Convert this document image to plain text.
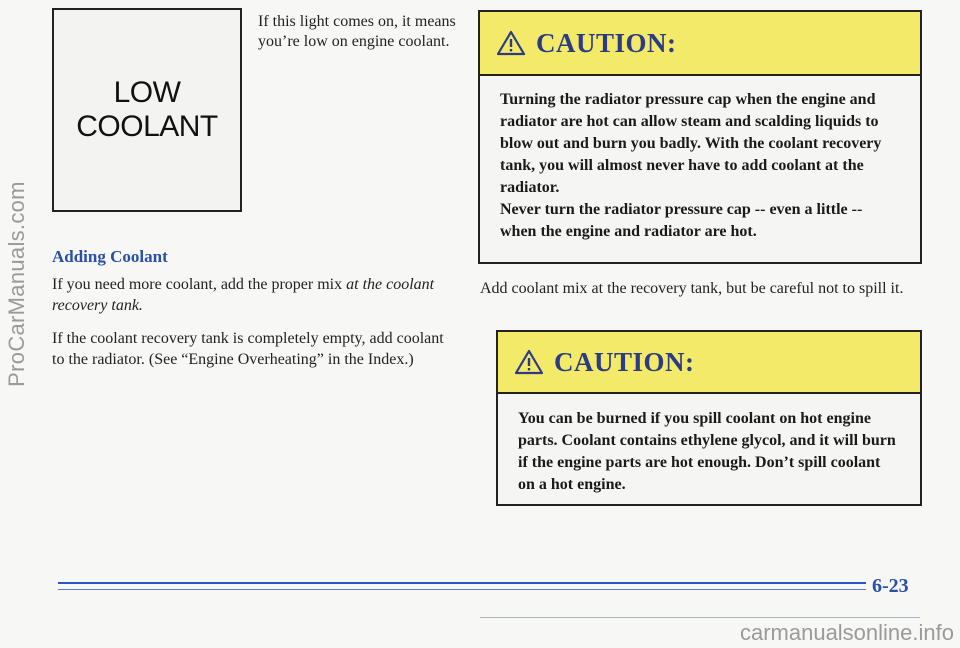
ProCarManuals.com
LOW
COOLANT
If this light comes on, it means you’re low on engine coolant.
Adding Coolant
If you need more coolant, add the proper mix at the coolant recovery tank.
If the coolant recovery tank is completely empty, add coolant to the radiator. (See “Engine Overheating” in the Index.)
CAUTION:

Turning the radiator pressure cap when the engine and radiator are hot can allow steam and scalding liquids to blow out and burn you badly. With the coolant recovery tank, you will almost never have to add coolant at the radiator.

Never turn the radiator pressure cap -- even a little -- when the engine and radiator are hot.

Add coolant mix at the recovery tank, but be careful not to spill it.
CAUTION:

You can be burned if you spill coolant on hot engine parts. Coolant contains ethylene glycol, and it will burn if the engine parts are hot enough. Don’t spill coolant on a hot engine.

6-23
carmanualsonline.info
